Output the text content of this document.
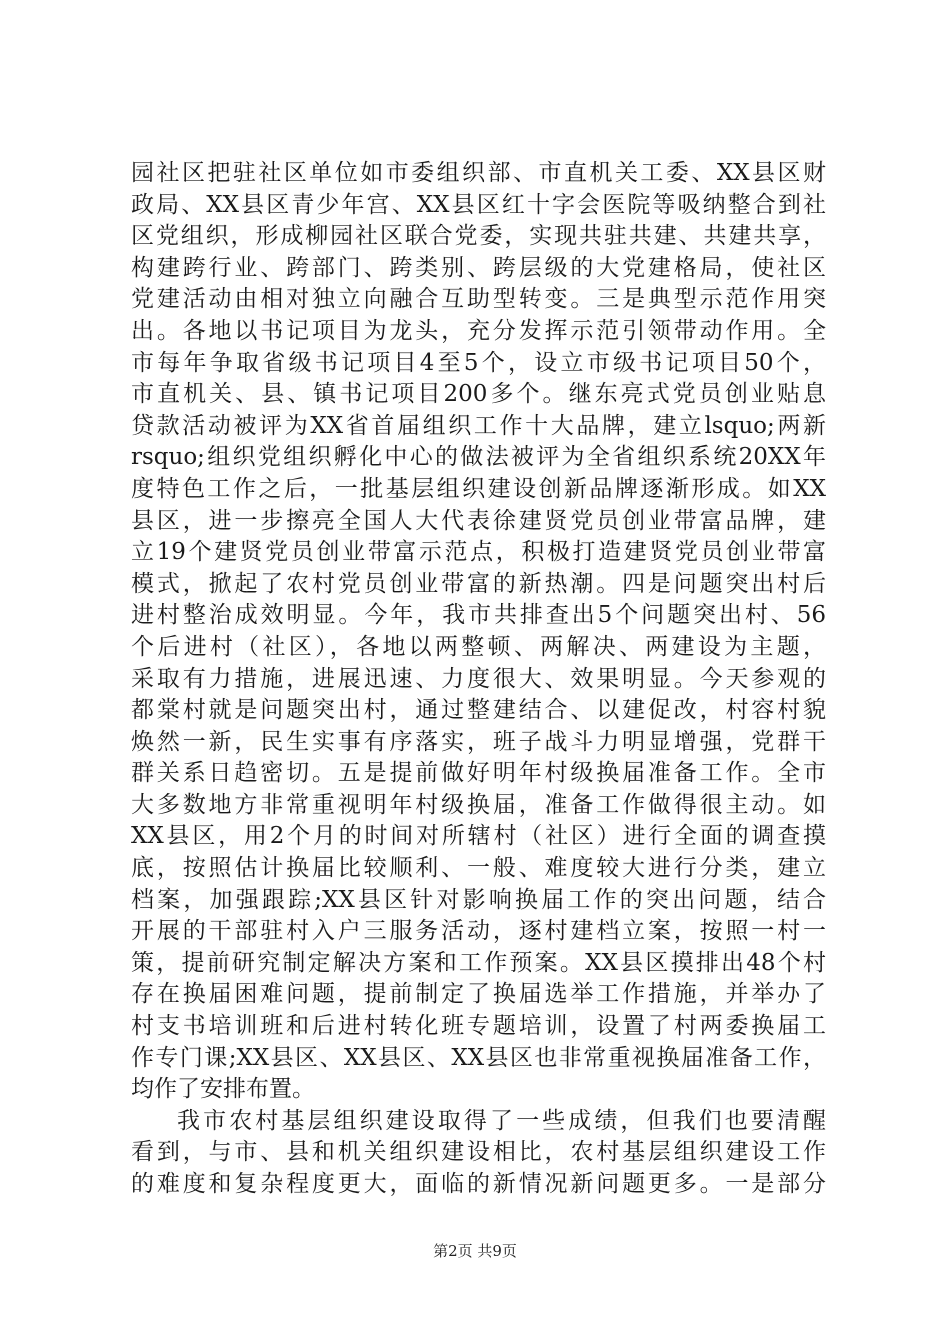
园社区把驻社区单位如市委组织部、市直机关工委、XX县区财
政局、XX县区青少年宫、XX县区红十字会医院等吸纳整合到社
区党组织，形成柳园社区联合党委，实现共驻共建、共建共享，
构建跨行业、跨部门、跨类别、跨层级的大党建格局，使社区
党建活动由相对独立向融合互助型转变。三是典型示范作用突
出。各地以书记项目为龙头，充分发挥示范引领带动作用。全
市每年争取省级书记项目4至5个，设立市级书记项目50个，
市直机关、县、镇书记项目200多个。继东亮式党员创业贴息
贷款活动被评为XX省首届组织工作十大品牌，建立lsquo;两新
rsquo;组织党组织孵化中心的做法被评为全省组织系统20XX年
度特色工作之后，一批基层组织建设创新品牌逐渐形成。如XX
县区，进一步擦亮全国人大代表徐建贤党员创业带富品牌，建
立19个建贤党员创业带富示范点，积极打造建贤党员创业带富
模式，掀起了农村党员创业带富的新热潮。四是问题突出村后
进村整治成效明显。今年，我市共排查出5个问题突出村、56
个后进村（社区），各地以两整顿、两解决、两建设为主题，
采取有力措施，进展迅速、力度很大、效果明显。今天参观的
都棠村就是问题突出村，通过整建结合、以建促改，村容村貌
焕然一新，民生实事有序落实，班子战斗力明显增强，党群干
群关系日趋密切。五是提前做好明年村级换届准备工作。全市
大多数地方非常重视明年村级换届，准备工作做得很主动。如
XX县区，用2个月的时间对所辖村（社区）进行全面的调查摸
底，按照估计换届比较顺利、一般、难度较大进行分类，建立
档案，加强跟踪;XX县区针对影响换届工作的突出问题，结合
开展的干部驻村入户三服务活动，逐村建档立案，按照一村一
策，提前研究制定解决方案和工作预案。XX县区摸排出48个村
存在换届困难问题，提前制定了换届选举工作措施，并举办了
村支书培训班和后进村转化班专题培训，设置了村两委换届工
作专门课;XX县区、XX县区、XX县区也非常重视换届准备工作，
均作了安排布置。
我市农村基层组织建设取得了一些成绩，但我们也要清醒
看到，与市、县和机关组织建设相比，农村基层组织建设工作
的难度和复杂程度更大，面临的新情况新问题更多。一是部分
第2页 共9页
